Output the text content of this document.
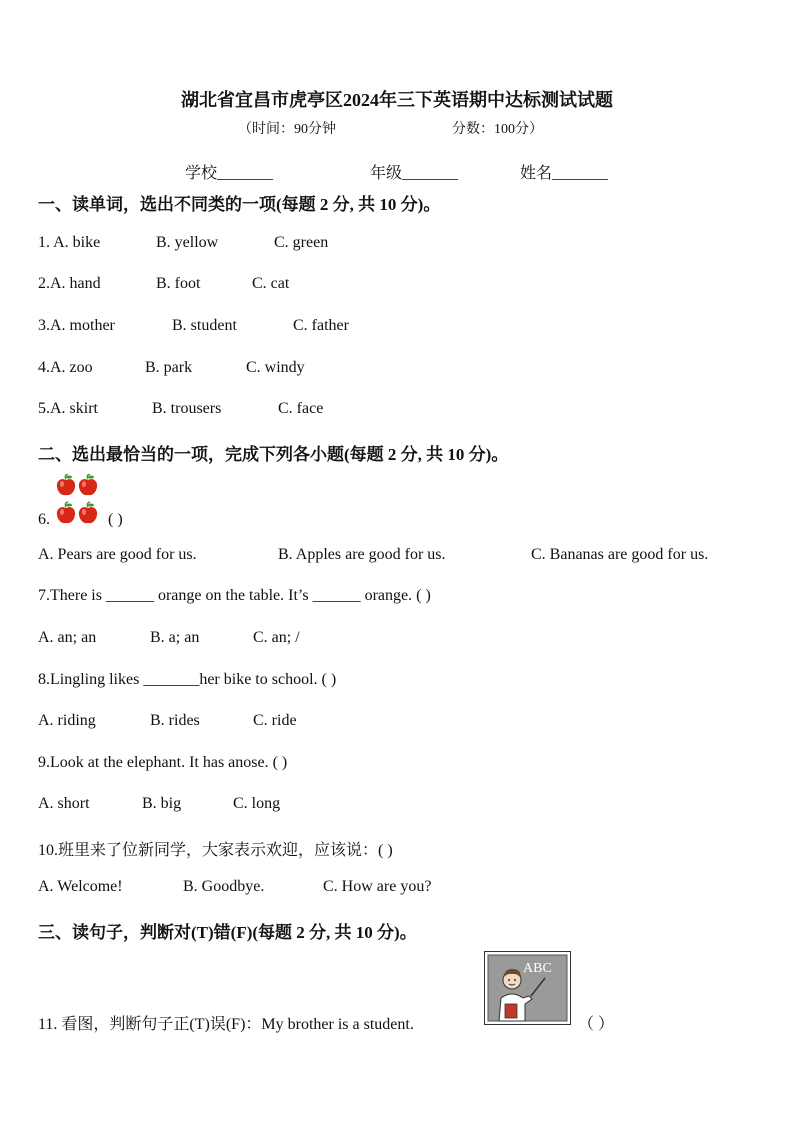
湖北省宜昌市虎亭区2024年三下英语期中达标测试试题
（时间：90分钟	分数：100分）
学校_______	年级_______	姓名_______
一、读单词，选出不同类的一项(每题 2 分, 共 10 分)。
1. A. bike	B. yellow	C. green
2.A. hand	B. foot	C. cat
3.A. mother	B. student	C. father
4.A. zoo	B. park	C. windy
5.A. skirt	B. trousers	C. face
二、选出最恰当的一项，完成下列各小题(每题 2 分, 共 10 分)。
6.	( )
A. Pears are good for us.	B. Apples are good for us.	C. Bananas are good for us.
7.There is ______ orange on the table. It’s ______ orange. ( )
A. an; an	B. a; an	C. an; /
8.Lingling likes _______her bike to school. ( )
A. riding	B. rides	C. ride
9.Look at the elephant. It has anose. ( )
A. short	B. big	C. long
10.班里来了位新同学，大家表示欢迎，应该说：( )
A. Welcome!	B. Goodbye.	C. How are you?
三、读句子，判断对(T)错(F)(每题 2 分, 共 10 分)。
11. 看图，判断句子正(T)误(F)：My brother is a student.
ABC
（ ）
